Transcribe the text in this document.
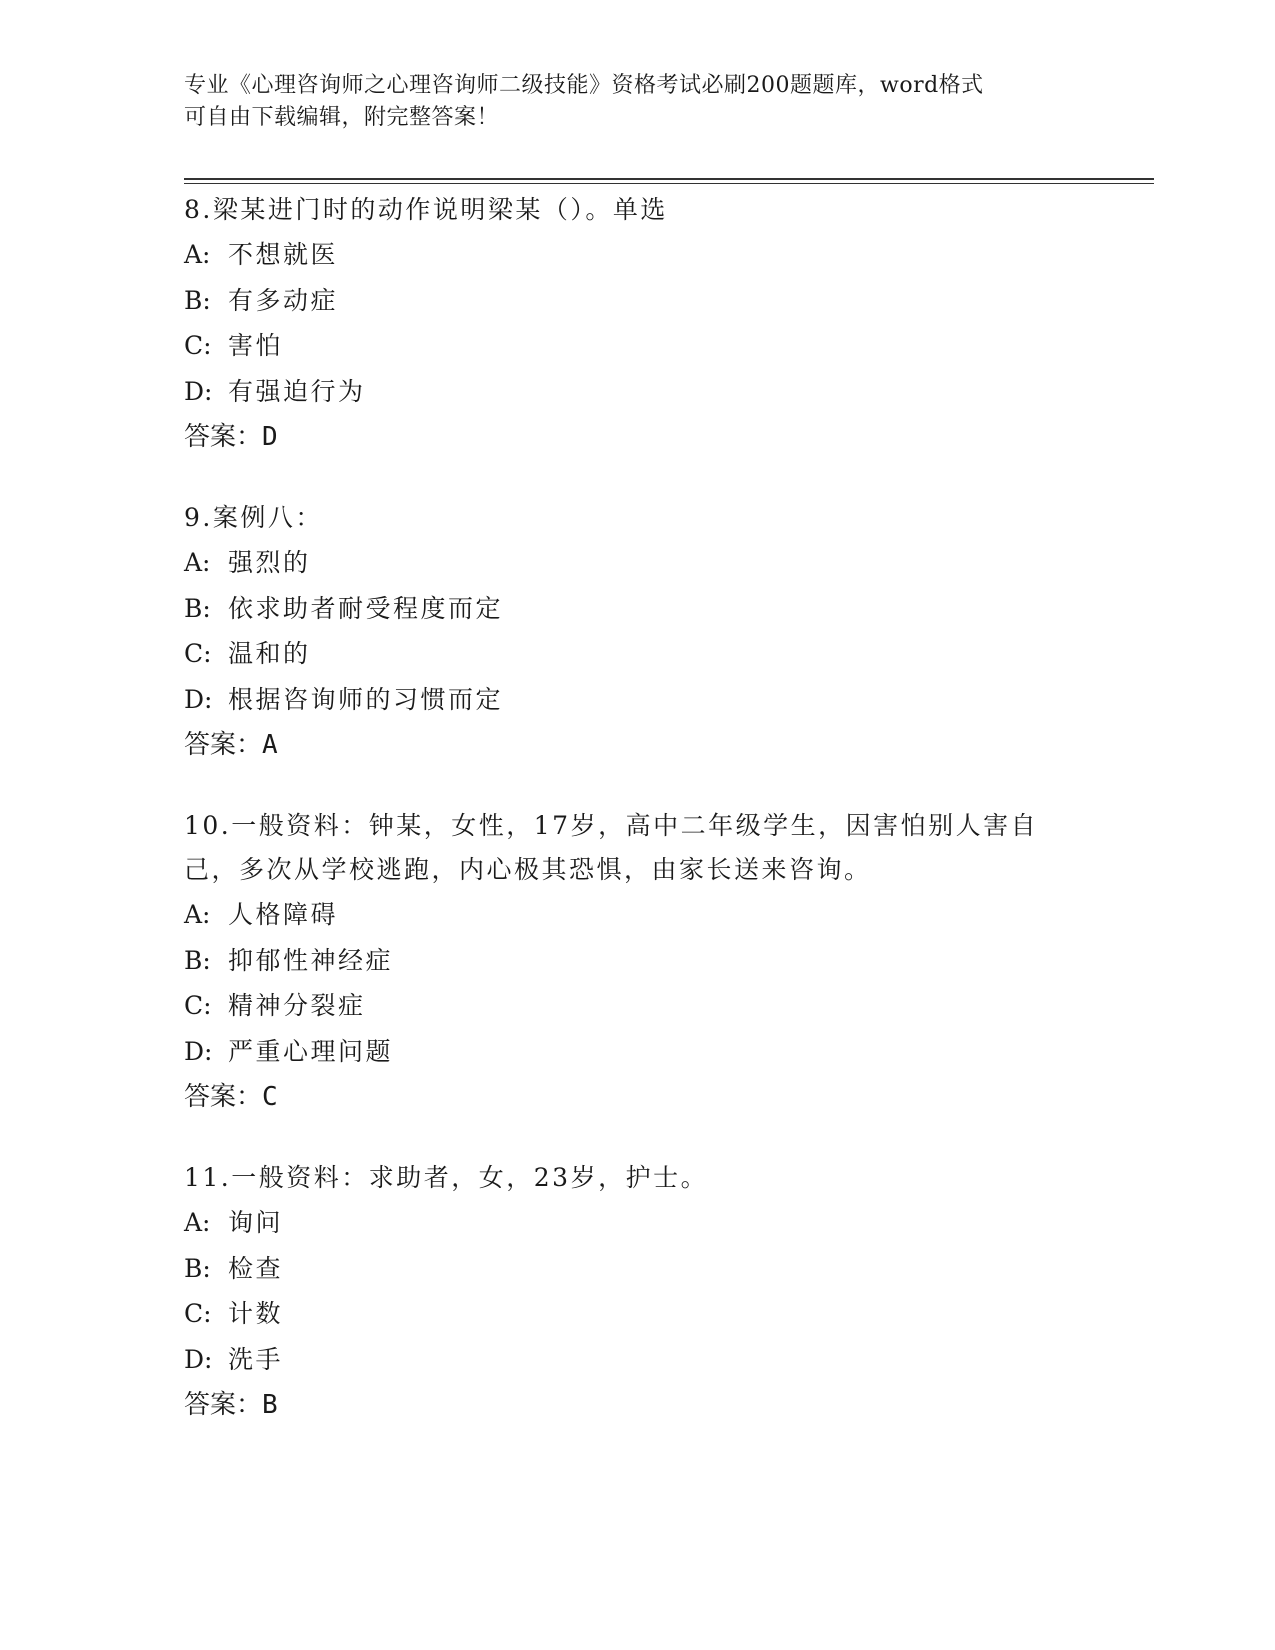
专业《心理咨询师之心理咨询师二级技能》资格考试必刷200题题库，word格式
可自由下载编辑，附完整答案！
8.梁某进门时的动作说明梁某（）。单选
A: 不想就医
B: 有多动症
C: 害怕
D: 有强迫行为
答案：D
9.案例八：
A: 强烈的
B: 依求助者耐受程度而定
C: 温和的
D: 根据咨询师的习惯而定
答案：A
10.一般资料：钟某，女性，17岁，高中二年级学生，因害怕别人害自
己，多次从学校逃跑，内心极其恐惧，由家长送来咨询。
A: 人格障碍
B: 抑郁性神经症
C: 精神分裂症
D: 严重心理问题
答案：C
11.一般资料：求助者，女，23岁，护士。
A: 询问
B: 检查
C: 计数
D: 洗手
答案：B
